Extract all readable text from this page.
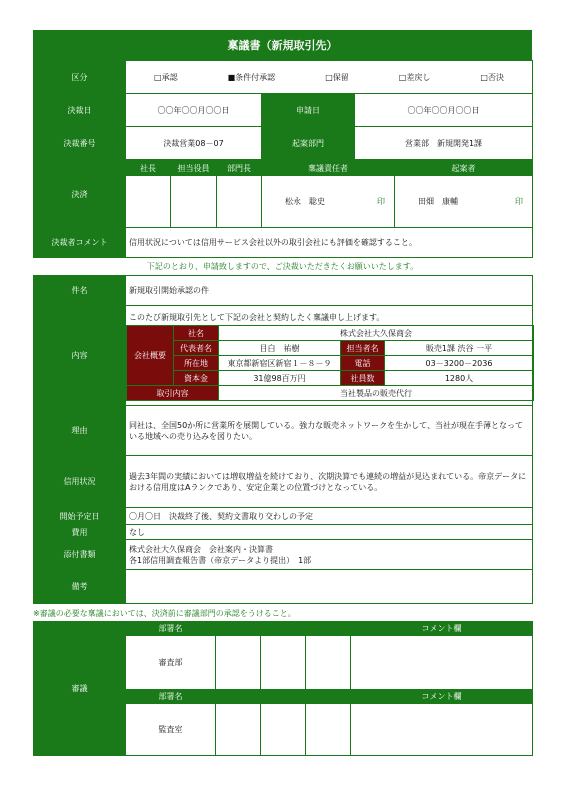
稟議書（新規取引先）
区分	□承認 ■条件付承認 □保留 □差戻し □否決		

決裁日	〇〇年〇〇月〇〇日	申請日	〇〇年〇〇月〇〇日
決裁番号	決裁営業08－07	起案部門	営業部　新規開発1課
決済	社長	担当役員	部門長	稟議責任者	起案者

				松永　聡史 印	田畑　康輔 印

決裁者コメント	信用状況については信用サービス会社以外の取引会社にも評価を確認すること。				
下記のとおり、申請致しますので、ご決裁いただきたくお願いいたします。
件名	新規取引開始承認の件
内容	
このたび新規取引先として下記の会社と契約したく稟議申し上げます。
会社概要	社名	株式会社大久保商会
代表者名	目白　祐樹	担当者名	販売1課 渋谷 一平
所在地	東京都新宿区新宿１－８－９	電話	03－3200－2036
資本金	31億98百万円	社員数	1280人
取引内容	当社製品の販売代行

理由	同社は、全国50か所に営業所を展開している。強力な販売ネットワークを生かして、当社が現在手薄となっている地域への売り込みを図りたい。
信用状況	過去3年間の実績においては増収増益を続けており、次期決算でも連続の増益が見込まれている。帝京データにおける信用度はAランクであり、安定企業との位置づけとなっている。
開始予定日	〇月〇日　決裁終了後、契約文書取り交わしの予定
費用	なし
添付書類	
株式会社大久保商会　会社案内・決算書
各1部信用調査報告書（帝京データより提出）　1部

備考	
※審議の必要な稟議においては、決済前に審議部門の承認をうけること。
審議	部署名				コメント欄
	審査部				
	部署名				コメント欄
	監査室				
